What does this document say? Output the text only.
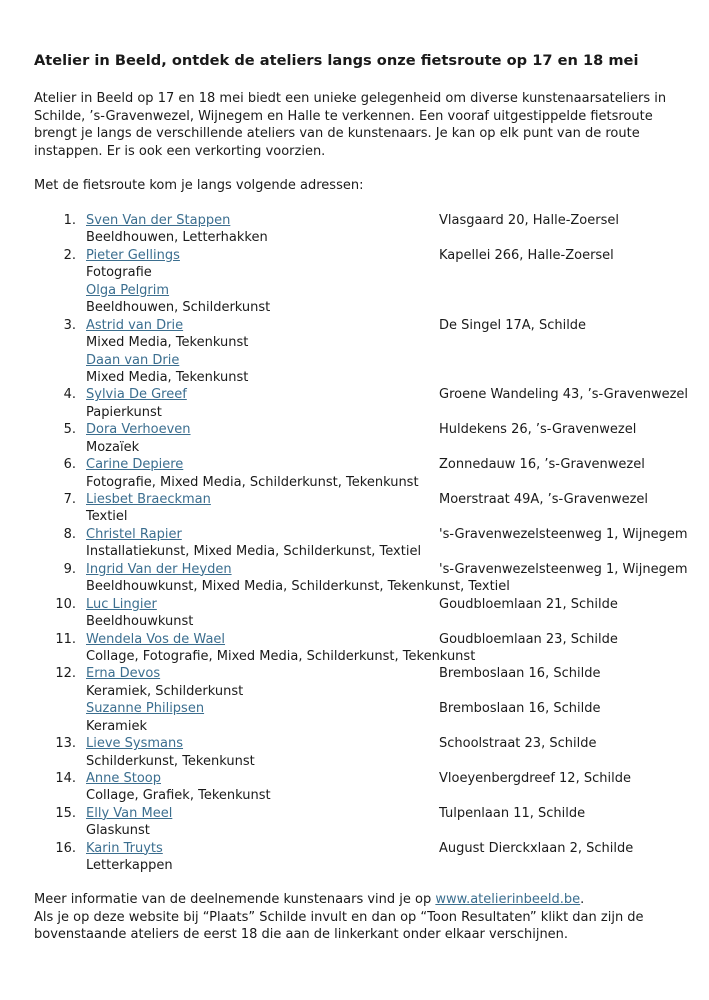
Atelier in Beeld, ontdek de ateliers langs onze fietsroute op 17 en 18 mei

Atelier in Beeld op 17 en 18 mei biedt een unieke gelegenheid om diverse kunstenaarsateliers in Schilde, ’s-Gravenwezel, Wijnegem en Halle te verkennen. Een vooraf uitgestippelde fietsroute brengt je langs de verschillende ateliers van de kunstenaars. Je kan op elk punt van de route instappen. Er is ook een verkorting voorzien.

Met de fietsroute kom je langs volgende adressen:

1. Sven Van der Stappen	Vlasgaard 20, Halle-Zoersel
Beeldhouwen, Letterhakken
2. Pieter Gellings	Kapellei 266, Halle-Zoersel
Fotografie
Olga Pelgrim
Beeldhouwen, Schilderkunst
3. Astrid van Drie	De Singel 17A, Schilde
Mixed Media, Tekenkunst
Daan van Drie
Mixed Media, Tekenkunst
4. Sylvia De Greef	Groene Wandeling 43, ’s-Gravenwezel
Papierkunst
5. Dora Verhoeven	Huldekens 26, ’s-Gravenwezel
Mozaïek
6. Carine Depiere	Zonnedauw 16, ’s-Gravenwezel
Fotografie, Mixed Media, Schilderkunst, Tekenkunst
7. Liesbet Braeckman	Moerstraat 49A, ’s-Gravenwezel
Textiel
8. Christel Rapier	's-Gravenwezelsteenweg 1, Wijnegem
Installatiekunst, Mixed Media, Schilderkunst, Textiel
9. Ingrid Van der Heyden	's-Gravenwezelsteenweg 1, Wijnegem
Beeldhouwkunst, Mixed Media, Schilderkunst, Tekenkunst, Textiel
10. Luc Lingier	Goudbloemlaan 21, Schilde
Beeldhouwkunst
11. Wendela Vos de Wael	Goudbloemlaan 23, Schilde
Collage, Fotografie, Mixed Media, Schilderkunst, Tekenkunst
12. Erna Devos	Bremboslaan 16, Schilde
Keramiek, Schilderkunst
Suzanne Philipsen	Bremboslaan 16, Schilde
Keramiek
13. Lieve Sysmans	Schoolstraat 23, Schilde
Schilderkunst, Tekenkunst
14. Anne Stoop	Vloeyenbergdreef 12, Schilde
Collage, Grafiek, Tekenkunst
15. Elly Van Meel	Tulpenlaan 11, Schilde
Glaskunst
16. Karin Truyts	August Dierckxlaan 2, Schilde
Letterkappen

Meer informatie van de deelnemende kunstenaars vind je op www.atelierinbeeld.be.
Als je op deze website bij “Plaats” Schilde invult en dan op “Toon Resultaten” klikt dan zijn de bovenstaande ateliers de eerst 18 die aan de linkerkant onder elkaar verschijnen.
